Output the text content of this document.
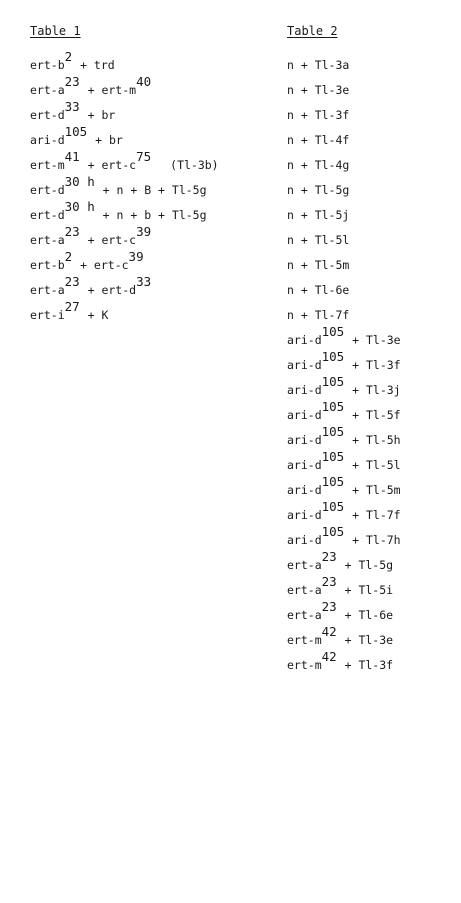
Table 1
ert-b2 + trd
ert-a23 + ert-m40
ert-d33 + br
ari-d105 + br
ert-m41 + ert-c75(Tl-3b)
ert-d30 h + n + B + Tl-5g
ert-d30 h + n + b + Tl-5g
ert-a23 + ert-c39
ert-b2 + ert-c39
ert-a23 + ert-d33
ert-i27 + K
Table 2
n + Tl-3a
n + Tl-3e
n + Tl-3f
n + Tl-4f
n + Tl-4g
n + Tl-5g
n + Tl-5j
n + Tl-5l
n + Tl-5m
n + Tl-6e
n + Tl-7f
ari-d105 + Tl-3e
ari-d105 + Tl-3f
ari-d105 + Tl-3j
ari-d105 + Tl-5f
ari-d105 + Tl-5h
ari-d105 + Tl-5l
ari-d105 + Tl-5m
ari-d105 + Tl-7f
ari-d105 + Tl-7h
ert-a23 + Tl-5g
ert-a23 + Tl-5i
ert-a23 + Tl-6e
ert-m42 + Tl-3e
ert-m42 + Tl-3f
